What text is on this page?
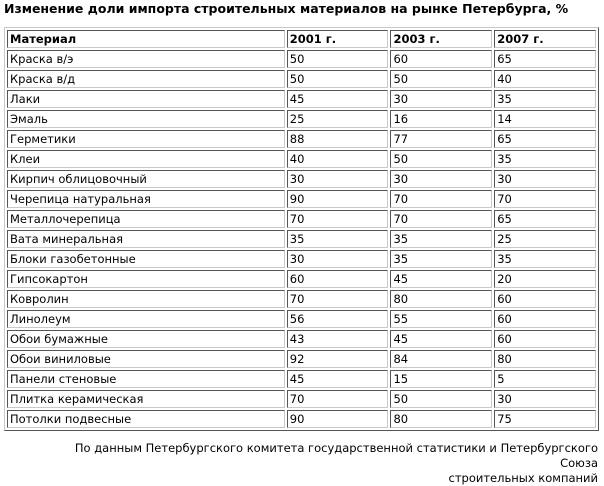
Изменение доли импорта строительных материалов на рынке Петербурга, %
Материал	2001 г.	2003 г.	2007 г.
Краска в/э	50	60	65
Краска в/д	50	50	40
Лаки	45	30	35
Эмаль	25	16	14
Герметики	88	77	65
Клеи	40	50	35
Кирпич облицовочный	30	30	30
Черепица натуральная	90	70	70
Металлочерепица	70	70	65
Вата минеральная	35	35	25
Блоки газобетонные	30	35	35
Гипсокартон	60	45	20
Ковролин	70	80	60
Линолеум	56	55	60
Обои бумажные	43	45	60
Обои виниловые	92	84	80
Панели стеновые	45	15	5
Плитка керамическая	70	50	30
Потолки подвесные	90	80	75
По данным Петербургского комитета государственной статистики и Петербургского Союза
строительных компаний
